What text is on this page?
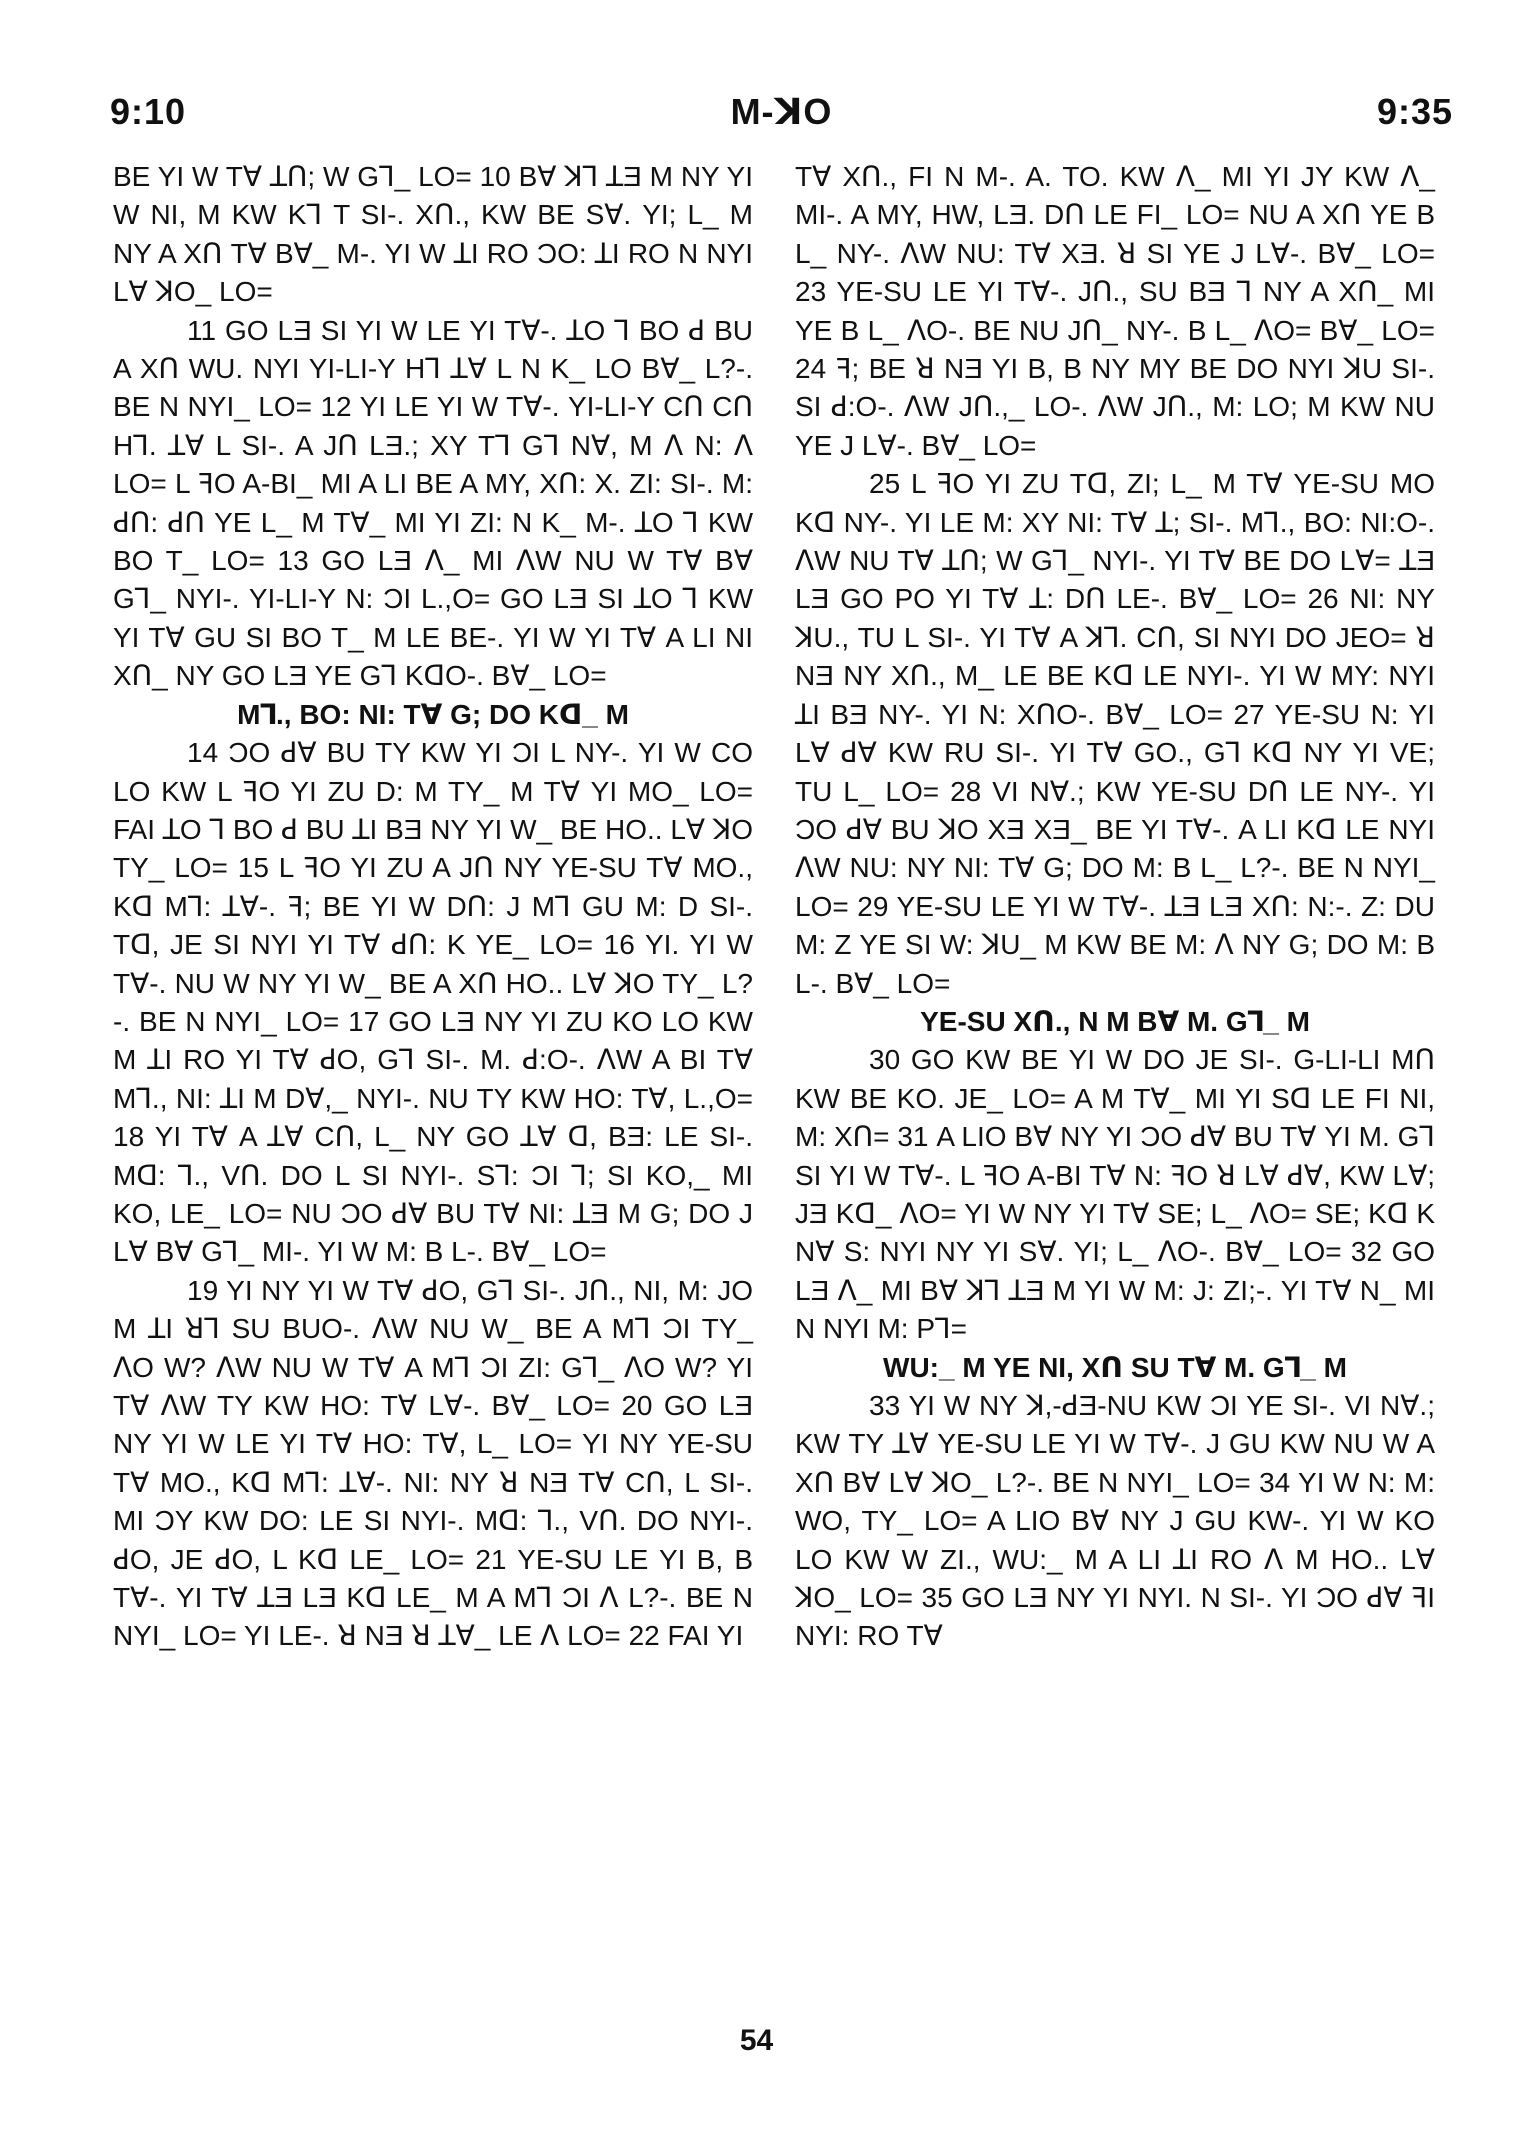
9:10	M-ꓘO	9:35

BE YI W Tꓯ ꓕꓵ; W Gꓶ_ LO= 10 Bꓯ ꓘꓶ ꓕƎ M NY YI W NI, M KW Kꓶ T SI-. Xꓵ., KW BE Sꓯ. YI; L_ M NY A Xꓵ Tꓯ Bꓯ_ M-. YI W ꓕI RO ƆO: ꓕI RO N NYI Lꓯ ꓘO_ LO=

11 GO LƎ SI YI W LE YI Tꓯ-. ꓕO ꓶ BO ꓒ BU A Xꓵ WU. NYI YI-LI-Y Hꓶ ꓕꓯ L N K_ LO Bꓯ_ L?-. BE N NYI_ LO= 12 YI LE YI W Tꓯ-. YI-LI-Y Cꓵ Cꓵ Hꓶ. ꓕꓯ L SI-. A Jꓵ LƎ.; XY Tꓶ Gꓶ Nꓯ, M ꓥ N: ꓥ LO= L ꟻO A-BI_ MI A LI BE A MY, Xꓵ: X. ZI: SI-. M: ꓒꓵ: ꓒꓵ YE L_ M Tꓯ_ MI YI ZI: N K_ M-. ꓕO ꓶ KW BO T_ LO= 13 GO LƎ ꓥ_ MI ꓥW NU W Tꓯ Bꓯ Gꓶ_ NYI-. YI-LI-Y N: ƆI L.,O= GO LƎ SI ꓕO ꓶ KW YI Tꓯ GU SI BO T_ M LE BE-. YI W YI Tꓯ A LI NI Xꓵ_ NY GO LƎ YE Gꓶ KꓷO-. Bꓯ_ LO=

Mꓶ., BO: NI: Tꓯ G; DO Kꓷ_ M

14 ƆO ꓒꓯ BU TY KW YI ƆI L NY-. YI W CO LO KW L ꟻO YI ZU D: M TY_ M Tꓯ YI MO_ LO= FAI ꓕO ꓶ BO ꓒ BU ꓕI BƎ NY YI W_ BE HO.. Lꓯ ꓘO TY_ LO= 15 L ꟻO YI ZU A Jꓵ NY YE-SU Tꓯ MO., Kꓷ Mꓶ: ꓕꓯ-. ꟻ; BE YI W Dꓵ: J Mꓶ GU M: D SI-. Tꓷ, JE SI NYI YI Tꓯ ꓒꓵ: K YE_ LO= 16 YI. YI W Tꓯ-. NU W NY YI W_ BE A Xꓵ HO.. Lꓯ ꓘO TY_ L?-. BE N NYI_ LO= 17 GO LƎ NY YI ZU KO LO KW M ꓕI RO YI Tꓯ ꓒO, Gꓶ SI-. M. ꓒ:O-. ꓥW A BI Tꓯ Mꓶ., NI: ꓕI M Dꓯ,_ NYI-. NU TY KW HO: Tꓯ, L.,O= 18 YI Tꓯ A ꓕꓯ Cꓵ, L_ NY GO ꓕꓯ ꓷ, BƎ: LE SI-. Mꓷ: ꓶ., Vꓵ. DO L SI NYI-. Sꓶ: ƆI ꓶ; SI KO,_ MI KO, LE_ LO= NU ƆO ꓒꓯ BU Tꓯ NI: ꓕƎ M G; DO J Lꓯ Bꓯ Gꓶ_ MI-. YI W M: B L-. Bꓯ_ LO=

19 YI NY YI W Tꓯ ꓒO, Gꓶ SI-. Jꓵ., NI, M: JO M ꓕI ꓤꓶ SU BUO-. ꓥW NU W_ BE A Mꓶ ƆI TY_ ꓥO W? ꓥW NU W Tꓯ A Mꓶ ƆI ZI: Gꓶ_ ꓥO W? YI Tꓯ ꓥW TY KW HO: Tꓯ Lꓯ-. Bꓯ_ LO= 20 GO LƎ NY YI W LE YI Tꓯ HO: Tꓯ, L_ LO= YI NY YE-SU Tꓯ MO., Kꓷ Mꓶ: ꓕꓯ-. NI: NY ꓤ NƎ Tꓯ Cꓵ, L SI-. MI ƆY KW DO: LE SI NYI-. Mꓷ: ꓶ., Vꓵ. DO NYI-. ꓒO, JE ꓒO, L Kꓷ LE_ LO= 21 YE-SU LE YI B, B Tꓯ-. YI Tꓯ ꓕƎ LƎ Kꓷ LE_ M A Mꓶ ƆI ꓥ L?-. BE N NYI_ LO= YI LE-. ꓤ NƎ ꓤ ꓕꓯ_ LE ꓥ LO= 22 FAI YI

Tꓯ Xꓵ., FI N M-. A. TO. KW ꓥ_ MI YI JY KW ꓥ_ MI-. A MY, HW, LƎ. Dꓵ LE FI_ LO= NU A Xꓵ YE B L_ NY-. ꓥW NU: Tꓯ XƎ. ꓤ SI YE J Lꓯ-. Bꓯ_ LO= 23 YE-SU LE YI Tꓯ-. Jꓵ., SU BƎ ꓶ NY A Xꓵ_ MI YE B L_ ꓥO-. BE NU Jꓵ_ NY-. B L_ ꓥO= Bꓯ_ LO= 24 ꟻ; BE ꓤ NƎ YI B, B NY MY BE DO NYI ꓘU SI-. SI ꓒ:O-. ꓥW Jꓵ.,_ LO-. ꓥW Jꓵ., M: LO; M KW NU YE J Lꓯ-. Bꓯ_ LO=

25 L ꟻO YI ZU Tꓷ, ZI; L_ M Tꓯ YE-SU MO Kꓷ NY-. YI LE M: XY NI: Tꓯ ꓕ; SI-. Mꓶ., BO: NI:O-. ꓥW NU Tꓯ ꓕꓵ; W Gꓶ_ NYI-. YI Tꓯ BE DO Lꓯ= ꓕƎ LƎ GO PO YI Tꓯ ꓕ: Dꓵ LE-. Bꓯ_ LO= 26 NI: NY ꓘU., TU L SI-. YI Tꓯ A ꓘꓶ. Cꓵ, SI NYI DO JEO= ꓤ NƎ NY Xꓵ., M_ LE BE Kꓷ LE NYI-. YI W MY: NYI ꓕI BƎ NY-. YI N: XꓵO-. Bꓯ_ LO= 27 YE-SU N: YI Lꓯ ꓒꓯ KW RU SI-. YI Tꓯ GO., Gꓶ Kꓷ NY YI VE; TU L_ LO= 28 VI Nꓯ.; KW YE-SU Dꓵ LE NY-. YI ƆO ꓒꓯ BU ꓘO XƎ XƎ_ BE YI Tꓯ-. A LI Kꓷ LE NYI ꓥW NU: NY NI: Tꓯ G; DO M: B L_ L?-. BE N NYI_ LO= 29 YE-SU LE YI W Tꓯ-. ꓕƎ LƎ Xꓵ: N:-. Z: DU M: Z YE SI W: ꓘU_ M KW BE M: ꓥ NY G; DO M: B L-. Bꓯ_ LO=

YE-SU Xꓵ., N M Bꓯ M. Gꓶ_ M

30 GO KW BE YI W DO JE SI-. G-LI-LI Mꓵ KW BE KO. JE_ LO= A M Tꓯ_ MI YI Sꓷ LE FI NI, M: Xꓵ= 31 A LIO Bꓯ NY YI ƆO ꓒꓯ BU Tꓯ YI M. Gꓶ SI YI W Tꓯ-. L ꟻO A-BI Tꓯ N: ꟻO ꓤ Lꓯ ꓒꓯ, KW Lꓯ; JƎ Kꓷ_ ꓥO= YI W NY YI Tꓯ SE; L_ ꓥO= SE; Kꓷ K Nꓯ S: NYI NY YI Sꓯ. YI; L_ ꓥO-. Bꓯ_ LO= 32 GO LƎ ꓥ_ MI Bꓯ ꓘꓶ ꓕƎ M YI W M: J: ZI;-. YI Tꓯ N_ MI N NYI M: Pꓶ=

WU:_ M YE NI, Xꓵ SU Tꓯ M. Gꓶ_ M

33 YI W NY ꓘ,-ꓒƎ-NU KW ƆI YE SI-. VI Nꓯ.; KW TY ꓕꓯ YE-SU LE YI W Tꓯ-. J GU KW NU W A Xꓵ Bꓯ Lꓯ ꓘO_ L?-. BE N NYI_ LO= 34 YI W N: M: WO, TY_ LO= A LIO Bꓯ NY J GU KW-. YI W KO LO KW W ZI., WU:_ M A LI ꓕI RO ꓥ M HO.. Lꓯ ꓘO_ LO= 35 GO LƎ NY YI NYI. N SI-. YI ƆO ꓒꓯ ꟻI NYI: RO Tꓯ

54
